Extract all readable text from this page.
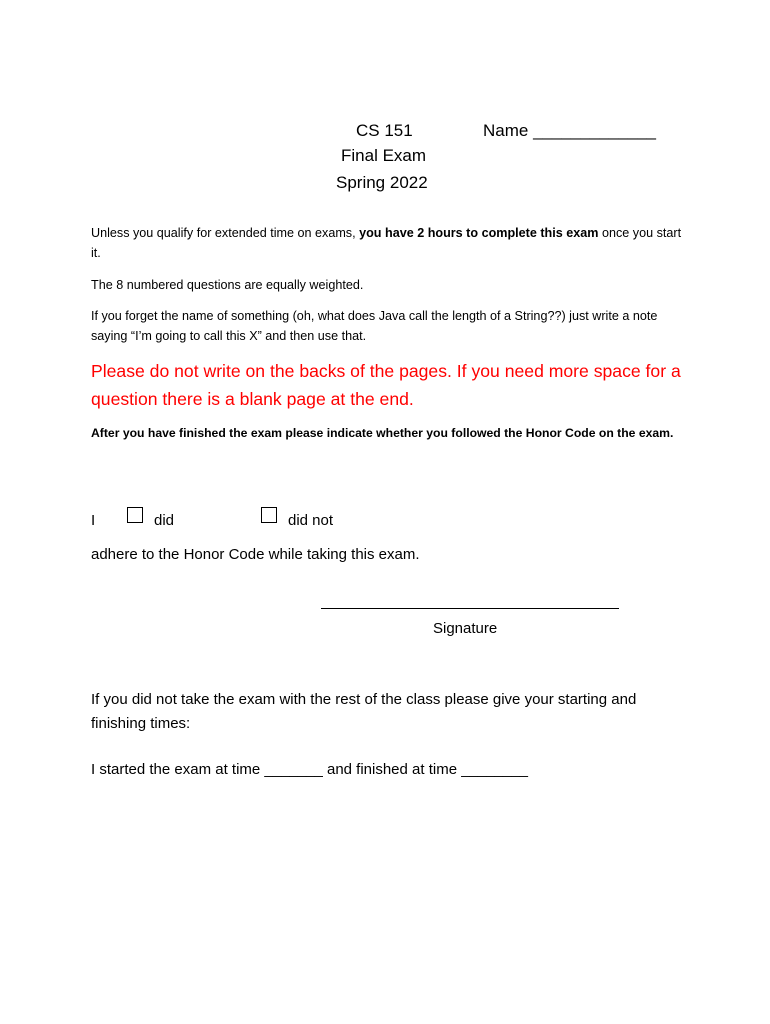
CS 151
Final Exam
Spring 2022
Name _____________
Unless you qualify for extended time on exams, you have 2 hours to complete this exam once you start it.
The 8 numbered questions are equally weighted.
If you forget the name of something (oh, what does Java call the length of a String??) just write a note saying “I’m going to call this X” and then use that.
Please do not write on the backs of the pages. If you need more space for a question there is a blank page at the end.
After you have finished the exam please indicate whether you followed the Honor Code on the exam.
I	did	did not
adhere to the Honor Code while taking this exam.
Signature
If you did not take the exam with the rest of the class please give your starting and finishing times:
I started the exam at time _______ and finished at time ________
